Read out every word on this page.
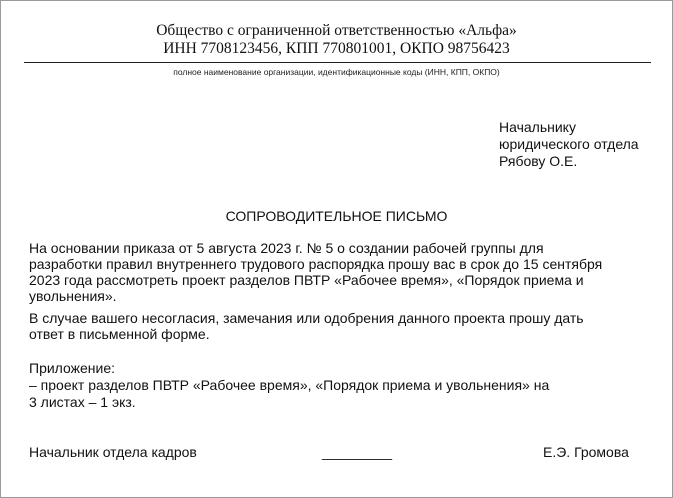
Общество с ограниченной ответственностью «Альфа»
ИНН 7708123456, КПП 770801001, ОКПО 98756423
полное наименование организации, идентификационные коды (ИНН, КПП, ОКПО)
Начальнику
юридического отдела
Рябову О.Е.
СОПРОВОДИТЕЛЬНОЕ ПИСЬМО
На основании приказа от 5 августа 2023 г. № 5 о создании рабочей группы для
разработки правил внутреннего трудового распорядка прошу вас в срок до 15 сентября
2023 года рассмотреть проект разделов ПВТР «Рабочее время», «Порядок приема и
увольнения».
В случае вашего несогласия, замечания или одобрения данного проекта прошу дать
ответ в письменной форме.
Приложение:
– проект разделов ПВТР «Рабочее время», «Порядок приема и увольнения» на
3 листах – 1 экз.
Начальник отдела кадров	_________	Е.Э. Громова
